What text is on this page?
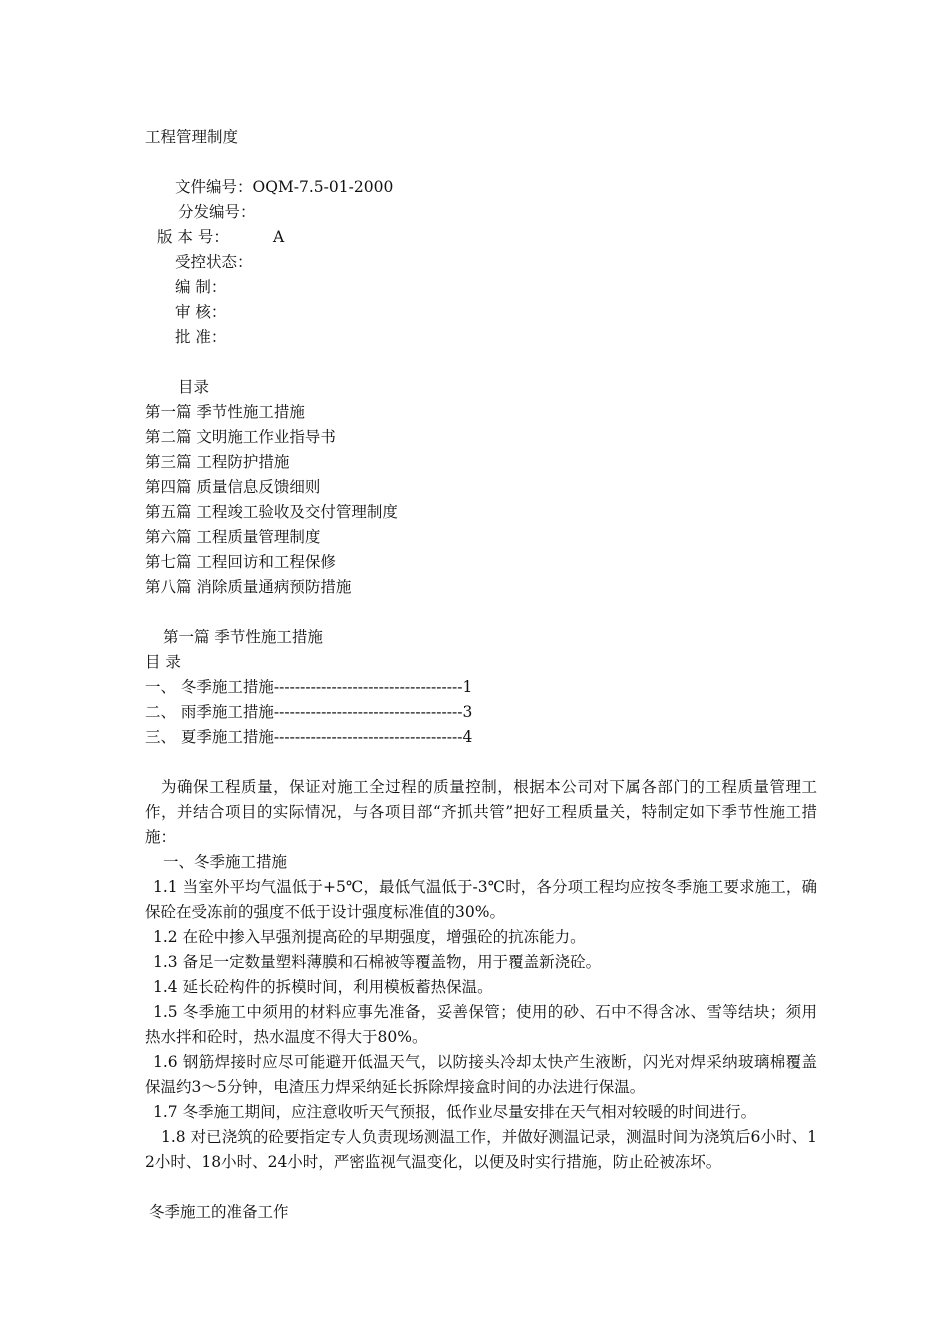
工程管理制度

文件编号：OQM-7.5-01-2000

分发编号：

版 本 号：	A

受控状态：

编 制：

审 核：

批 准：

目录

第一篇 季节性施工措施

第二篇 文明施工作业指导书

第三篇 工程防护措施

第四篇 质量信息反馈细则

第五篇 工程竣工验收及交付管理制度

第六篇 工程质量管理制度

第七篇 工程回访和工程保修

第八篇 消除质量通病预防措施

第一篇 季节性施工措施

目 录

一、 冬季施工措施------------------------------------1

二、 雨季施工措施------------------------------------3

三、 夏季施工措施------------------------------------4

为确保工程质量，保证对施工全过程的质量控制，根据本公司对下属各部门的工程质量管理工作，并结合项目的实际情况，与各项目部“齐抓共管”把好工程质量关，特制定如下季节性施工措施：

一、冬季施工措施

1.1 当室外平均气温低于+5℃，最低气温低于-3℃时，各分项工程均应按冬季施工要求施工，确保砼在受冻前的强度不低于设计强度标准值的30%。

1.2 在砼中掺入早强剂提高砼的早期强度，增强砼的抗冻能力。

1.3 备足一定数量塑料薄膜和石棉被等覆盖物，用于覆盖新浇砼。

1.4 延长砼构件的拆模时间，利用模板蓄热保温。

1.5 冬季施工中须用的材料应事先准备，妥善保管；使用的砂、石中不得含冰、雪等结块；须用热水拌和砼时，热水温度不得大于80%。

1.6 钢筋焊接时应尽可能避开低温天气，以防接头冷却太快产生液断，闪光对焊采纳玻璃棉覆盖保温约3～5分钟，电渣压力焊采纳延长拆除焊接盒时间的办法进行保温。

1.7 冬季施工期间，应注意收听天气预报，低作业尽量安排在天气相对较暖的时间进行。

1.8 对已浇筑的砼要指定专人负责现场测温工作，并做好测温记录，测温时间为浇筑后6小时、12小时、18小时、24小时，严密监视气温变化，以便及时实行措施，防止砼被冻坏。

冬季施工的准备工作
